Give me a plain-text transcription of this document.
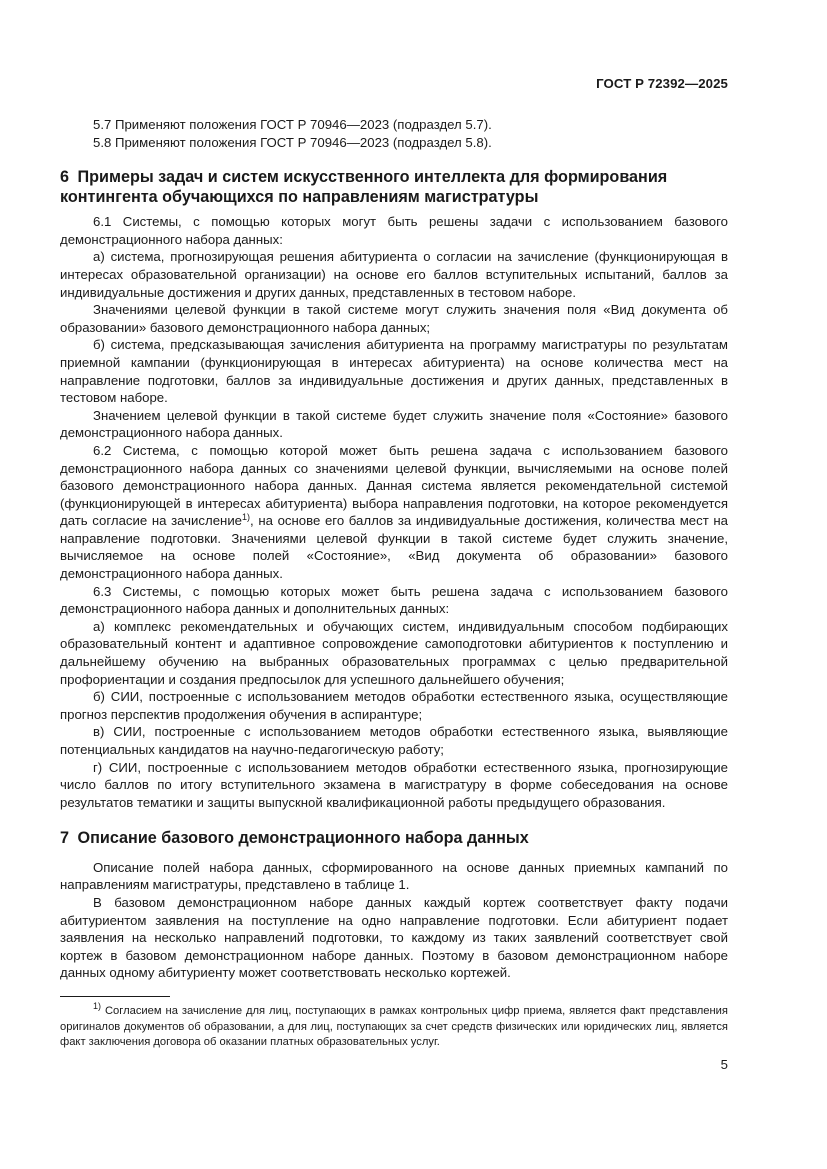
ГОСТ Р 72392—2025

5.7 Применяют положения ГОСТ Р 70946—2023 (подраздел 5.7).

5.8 Применяют положения ГОСТ Р 70946—2023 (подраздел 5.8).

6 Примеры задач и систем искусственного интеллекта для формирования контингента обучающихся по направлениям магистратуры

6.1 Системы, с помощью которых могут быть решены задачи с использованием базового демонстрационного набора данных:

а) система, прогнозирующая решения абитуриента о согласии на зачисление (функционирующая в интересах образовательной организации) на основе его баллов вступительных испытаний, баллов за индивидуальные достижения и других данных, представленных в тестовом наборе.

Значениями целевой функции в такой системе могут служить значения поля «Вид документа об образовании» базового демонстрационного набора данных;

б) система, предсказывающая зачисления абитуриента на программу магистратуры по результатам приемной кампании (функционирующая в интересах абитуриента) на основе количества мест на направление подготовки, баллов за индивидуальные достижения и других данных, представленных в тестовом наборе.

Значением целевой функции в такой системе будет служить значение поля «Состояние» базового демонстрационного набора данных.

6.2 Система, с помощью которой может быть решена задача с использованием базового демонстрационного набора данных со значениями целевой функции, вычисляемыми на основе полей базового демонстрационного набора данных. Данная система является рекомендательной системой (функционирующей в интересах абитуриента) выбора направления подготовки, на которое рекомендуется дать согласие на зачисление$^{1)}$, на основе его баллов за индивидуальные достижения, количества мест на направление подготовки. Значениями целевой функции в такой системе будет служить значение, вычисляемое на основе полей «Состояние», «Вид документа об образовании» базового демонстрационного набора данных.

6.3 Системы, с помощью которых может быть решена задача с использованием базового демонстрационного набора данных и дополнительных данных:

а) комплекс рекомендательных и обучающих систем, индивидуальным способом подбирающих образовательный контент и адаптивное сопровождение самоподготовки абитуриентов к поступлению и дальнейшему обучению на выбранных образовательных программах с целью предварительной профориентации и создания предпосылок для успешного дальнейшего обучения;

б) СИИ, построенные с использованием методов обработки естественного языка, осуществляющие прогноз перспектив продолжения обучения в аспирантуре;

в) СИИ, построенные с использованием методов обработки естественного языка, выявляющие потенциальных кандидатов на научно-педагогическую работу;

г) СИИ, построенные с использованием методов обработки естественного языка, прогнозирующие число баллов по итогу вступительного экзамена в магистратуру в форме собеседования на основе результатов тематики и защиты выпускной квалификационной работы предыдущего образования.

7 Описание базового демонстрационного набора данных

Описание полей набора данных, сформированного на основе данных приемных кампаний по направлениям магистратуры, представлено в таблице 1.

В базовом демонстрационном наборе данных каждый кортеж соответствует факту подачи абитуриентом заявления на поступление на одно направление подготовки. Если абитуриент подает заявления на несколько направлений подготовки, то каждому из таких заявлений соответствует свой кортеж в базовом демонстрационном наборе данных. Поэтому в базовом демонстрационном наборе данных одному абитуриенту может соответствовать несколько кортежей.

$^{1)}$ Согласием на зачисление для лиц, поступающих в рамках контрольных цифр приема, является факт представления оригиналов документов об образовании, а для лиц, поступающих за счет средств физических или юридических лиц, является факт заключения договора об оказании платных образовательных услуг.
5
